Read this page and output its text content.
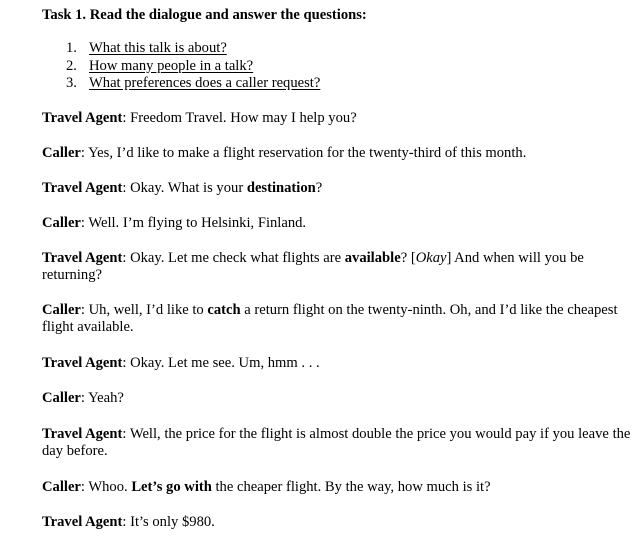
Task 1. Read the dialogue and answer the questions:
1. What this talk is about?
2. How many people in a talk?
3. What preferences does a caller request?
Travel Agent: Freedom Travel. How may I help you?
Caller: Yes, I’d like to make a flight reservation for the twenty-third of this month.
Travel Agent: Okay. What is your destination?
Caller: Well. I’m flying to Helsinki, Finland.
Travel Agent: Okay. Let me check what flights are available? [Okay] And when will you be returning?
Caller: Uh, well, I’d like to catch a return flight on the twenty-ninth. Oh, and I’d like the cheapest flight available.
Travel Agent: Okay. Let me see. Um, hmm . . .
Caller: Yeah?
Travel Agent: Well, the price for the flight is almost double the price you would pay if you leave the day before.
Caller: Whoo. Let’s go with the cheaper flight. By the way, how much is it?
Travel Agent: It’s only $980.
